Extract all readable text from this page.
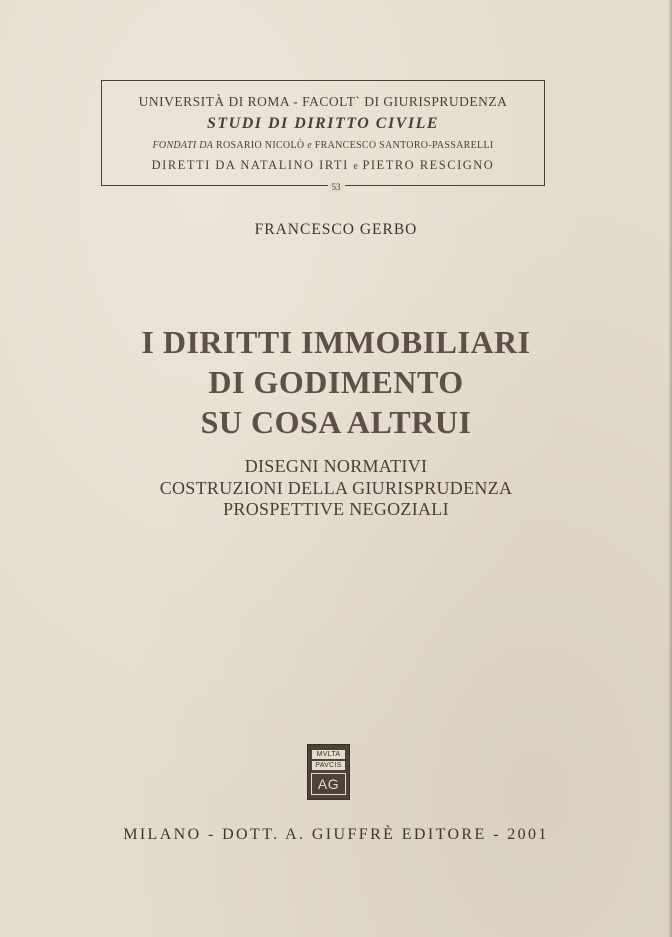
UNIVERSITÀ DI ROMA - FACOLT` DI GIURISPRUDENZA
STUDI DI DIRITTO CIVILE
FONDATI DA ROSARIO NICOLÒ e FRANCESCO SANTORO-PASSARELLI
DIRETTI DA NATALINO IRTI e PIETRO RESCIGNO
53
FRANCESCO GERBO
I DIRITTI IMMOBILIARI
DI GODIMENTO
SU COSA ALTRUI
DISEGNI NORMATIVI
COSTRUZIONI DELLA GIURISPRUDENZA
PROSPETTIVE NEGOZIALI
MVLTA
PAVCIS
AG
MILANO - DOTT. A. GIUFFRÈ EDITORE - 2001
